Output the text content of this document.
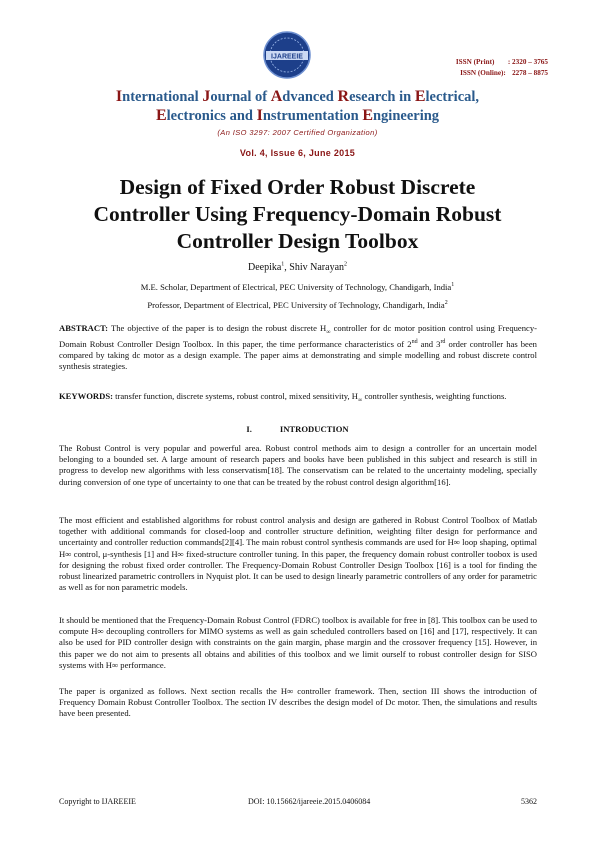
IJAREEIE
ISSN (Print) : 2320 – 3765
ISSN (Online): 2278 – 8875
International Journal of Advanced Research in Electrical,
Electronics and Instrumentation Engineering
(An ISO 3297: 2007 Certified Organization)
Vol. 4, Issue 6, June 2015
Design of Fixed Order Robust Discrete
Controller Using Frequency-Domain Robust
Controller Design Toolbox
Deepika$^1$, Shiv Narayan$^2$
M.E. Scholar, Department of Electrical, PEC University of Technology, Chandigarh, India$^1$
Professor, Department of Electrical, PEC University of Technology, Chandigarh, India$^2$
ABSTRACT: The objective of the paper is to design the robust discrete $H_\infty$ controller for dc motor position control using Frequency-Domain Robust Controller Design Toolbox. In this paper, the time performance characteristics of 2nd and 3rd order controller has been compared by taking dc motor as a design example. The paper aims at demonstrating and simple modelling and robust discrete control synthesis strategies.
KEYWORDS: transfer function, discrete systems, robust control, mixed sensitivity, $H_\infty$ controller synthesis, weighting functions.
I.	INTRODUCTION
The Robust Control is very popular and powerful area. Robust control methods aim to design a controller for an uncertain model belonging to a bounded set. A large amount of research papers and books have been published in this subject and research is still in progress to develop new algorithms with less conservatism[18]. The conservatism can be related to the uncertainty modeling, specially during conversion of one type of uncertainty to one that can be treated by the robust control design algorithm[16].
The most efficient and established algorithms for robust control analysis and design are gathered in Robust Control Toolbox of Matlab together with additional commands for closed-loop and controller structure definition, weighting filter design for performance and uncertainty and controller reduction commands[2][4]. The main robust control synthesis commands are used for H∞ loop shaping, optimal H∞ control, μ-synthesis [1] and H∞ fixed-structure controller tuning. In this paper, the frequency domain robust controller toobox is used for designing the robust fixed order controller. The Frequency-Domain Robust Controller Design Toolbox [16] is a tool for finding the robust linearized parametric controllers in Nyquist plot. It can be used to design linearly parametric controllers of any order for parametric as well as for non parametric models.
It should be mentioned that the Frequency-Domain Robust Control (FDRC) toolbox is available for free in [8]. This toolbox can be used to compute H∞ decoupling controllers for MIMO systems as well as gain scheduled controllers based on [16] and [17], respectively. It can also be used for PID controller design with constraints on the gain margin, phase margin and the crossover frequency [15]. However, in this paper we do not aim to presents all obtains and abilities of this toolbox and we limit ourself to robust controller design for SISO systems with H∞ performance.
The paper is organized as follows. Next section recalls the H∞ controller framework. Then, section III shows the introduction of Frequency Domain Robust Controller Toolbox. The section IV describes the design model of Dc motor. Then, the simulations and results have been presented.
Copyright to IJAREEIE	DOI: 10.15662/ijareeie.2015.0406084	5362
